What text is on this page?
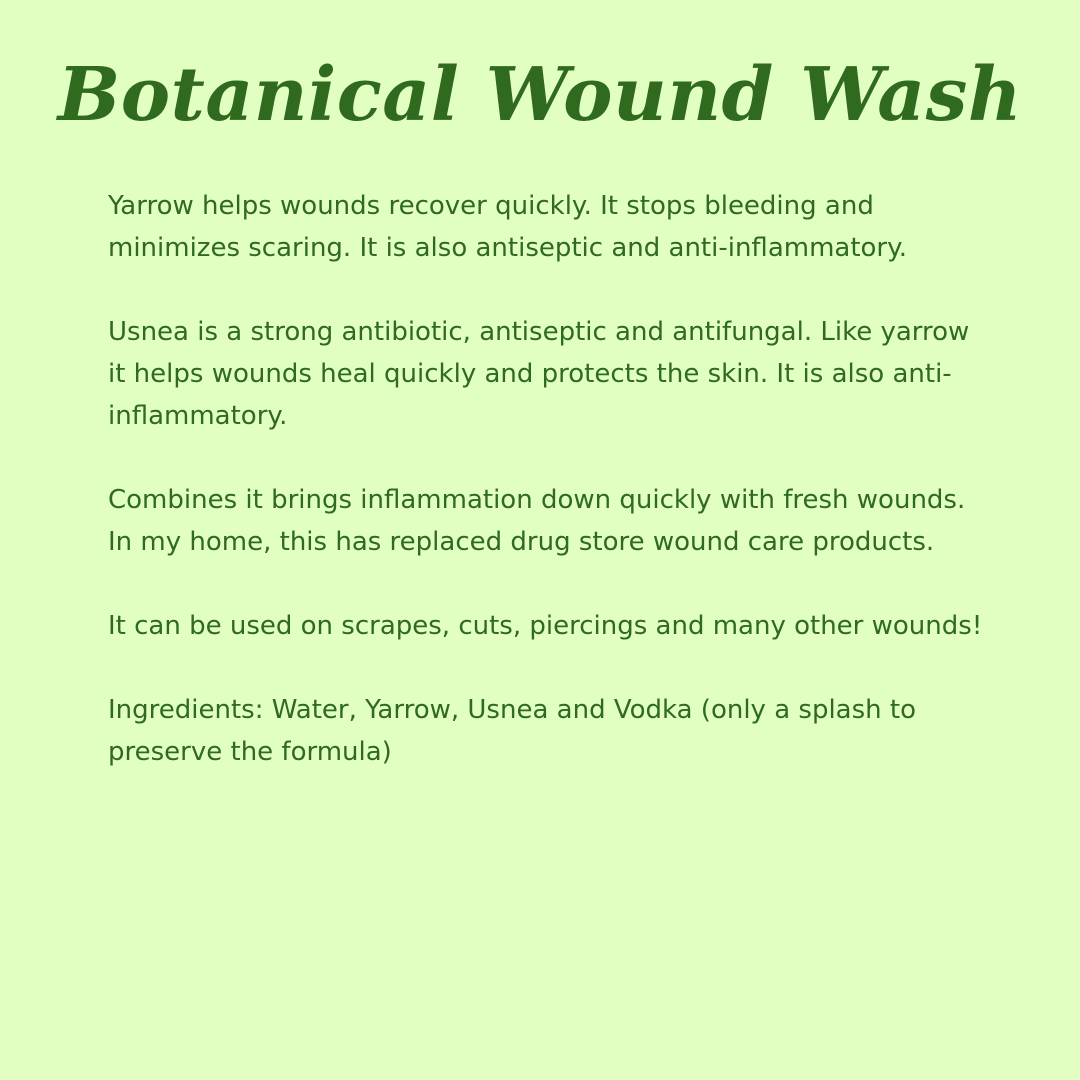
Botanical Wound Wash

Yarrow helps wounds recover quickly. It stops bleeding and minimizes scaring. It is also antiseptic and anti-inflammatory.

Usnea is a strong antibiotic, antiseptic and antifungal. Like yarrow it helps wounds heal quickly and protects the skin. It is also anti-inflammatory.

Combines it brings inflammation down quickly with fresh wounds. In my home, this has replaced drug store wound care products.

It can be used on scrapes, cuts, piercings and many other wounds!

Ingredients: Water, Yarrow, Usnea and Vodka (only a splash to preserve the formula)
